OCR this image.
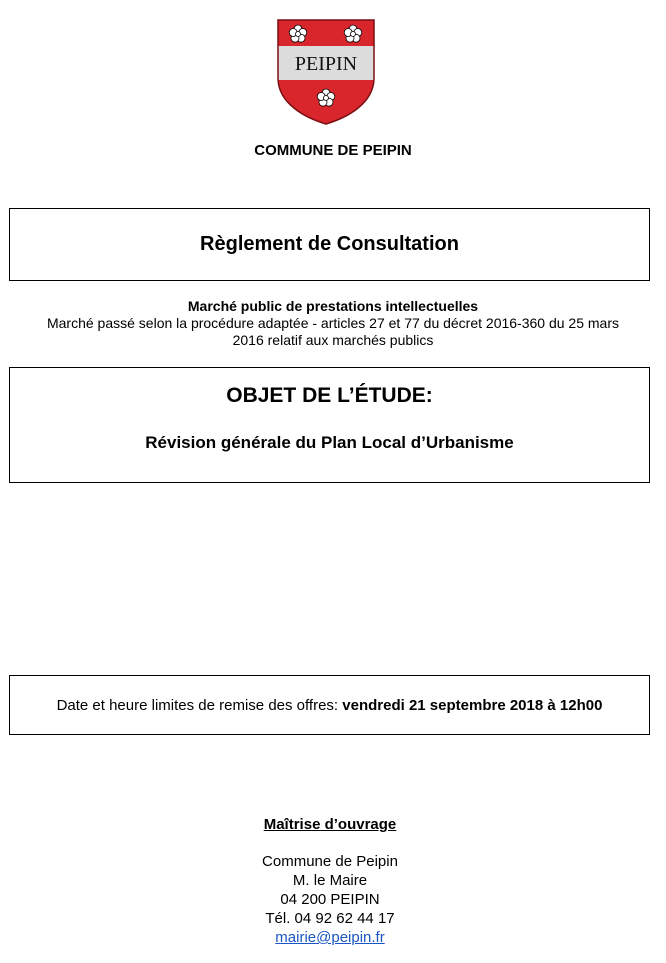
PEIPIN
COMMUNE DE PEIPIN
Règlement de Consultation
Marché public de prestations intellectuelles
Marché passé selon la procédure adaptée - articles 27 et 77 du décret 2016-360 du 25 mars
2016 relatif aux marchés publics
OBJET DE L’ÉTUDE:
Révision générale du Plan Local d’Urbanisme
Date et heure limites de remise des offres:
vendredi 21 septembre 2018 à 12h00
Maîtrise d’ouvrage
Commune de Peipin
M. le Maire
04 200 PEIPIN
Tél. 04 92 62 44 17
mairie@peipin.fr
